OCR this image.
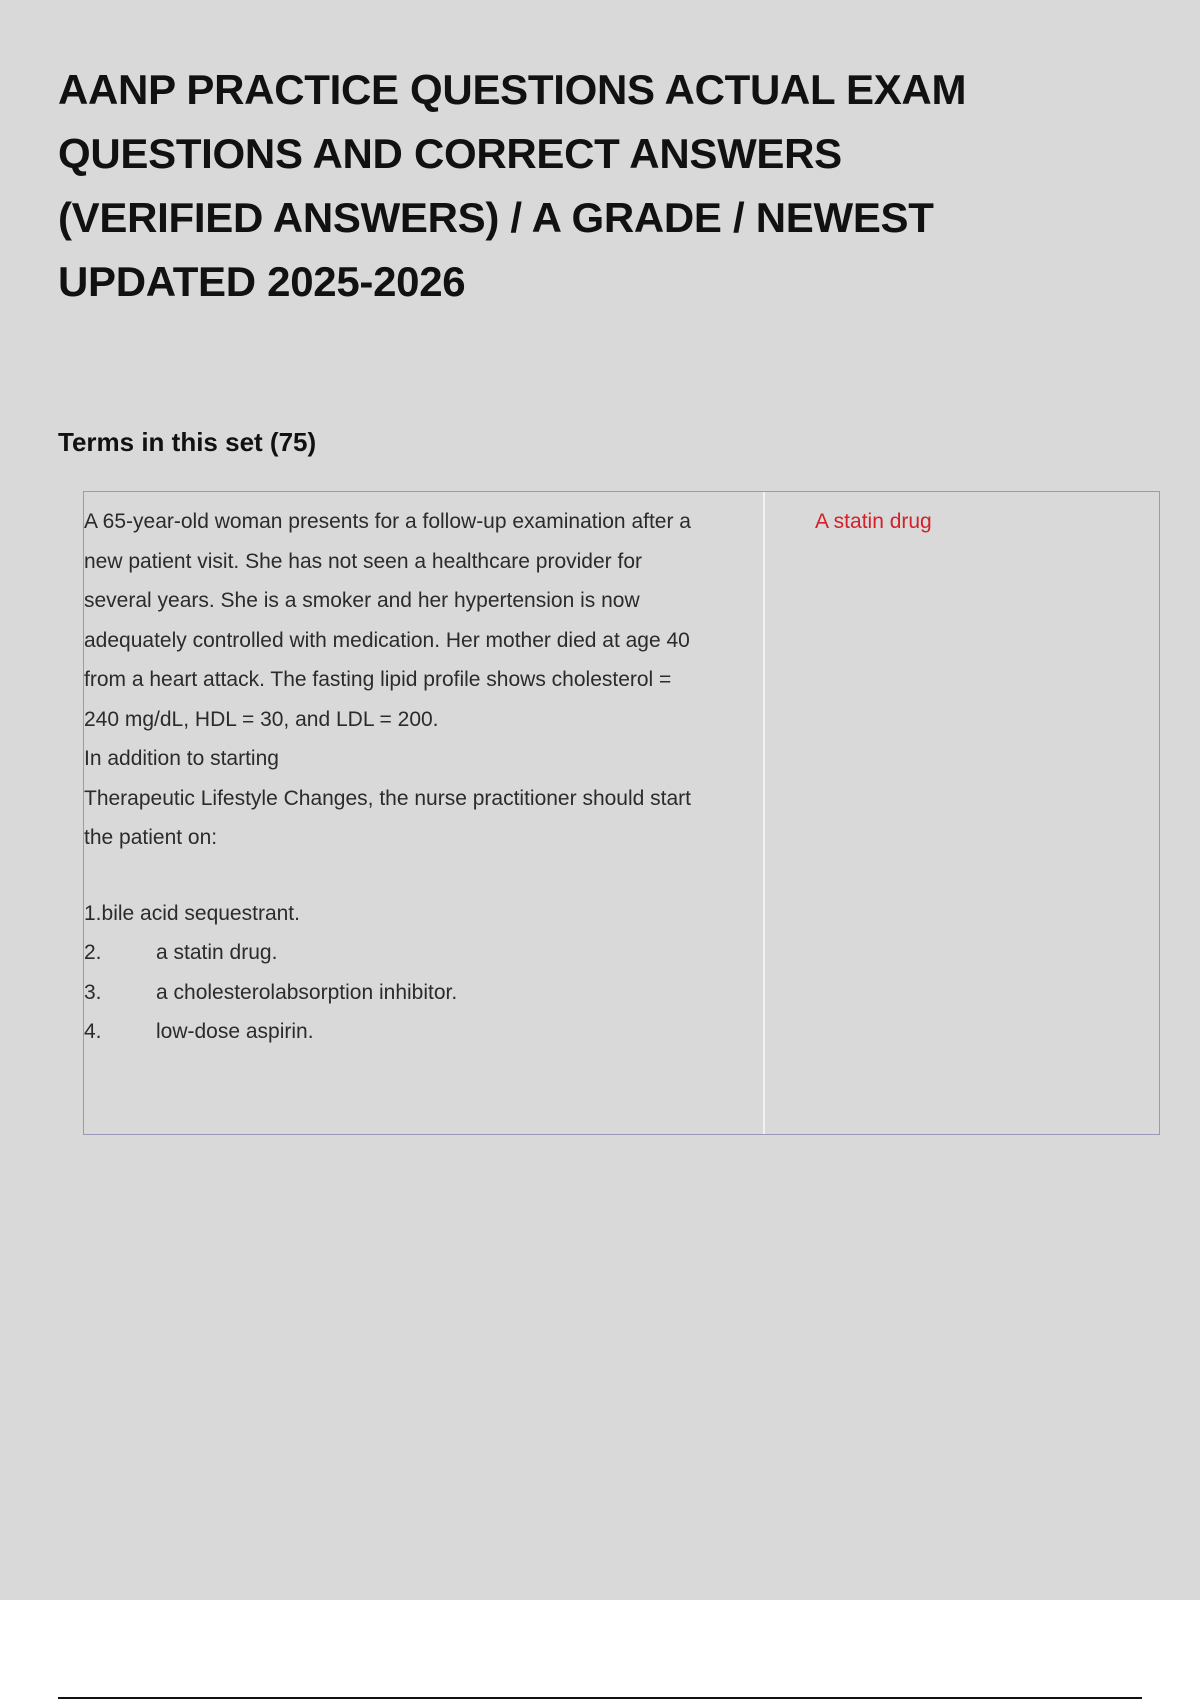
AANP PRACTICE QUESTIONS ACTUAL EXAM QUESTIONS AND CORRECT ANSWERS (VERIFIED ANSWERS) / A GRADE / NEWEST UPDATED 2025-2026
Terms in this set (75)

A 65-year-old woman presents for a follow-up examination after a

new patient visit. She has not seen a healthcare provider for

several years. She is a smoker and her hypertension is now

adequately controlled with medication. Her mother died at age 40

from a heart attack. The fasting lipid profile shows cholesterol =

240 mg/dL, HDL = 30, and LDL = 200.

In addition to starting

Therapeutic Lifestyle Changes, the nurse practitioner should start

the patient on:

1.bile acid sequestrant.

2.	a statin drug.
3.	a cholesterolabsorption inhibitor.
4.	low-dose aspirin.
A statin drug
